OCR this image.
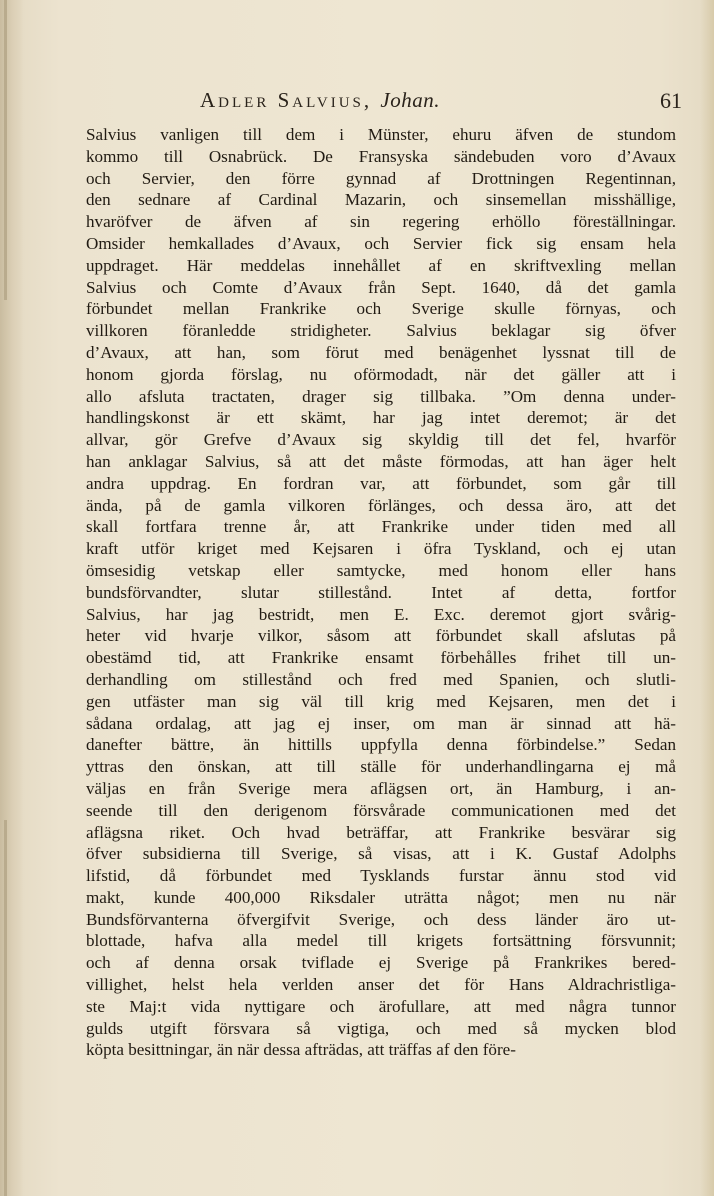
Adler Salvius, Johan.	61
Salvius vanligen till dem i Münster, ehuru äfven de stundom
kommo till Osnabrück. De Fransyska sändebuden voro d’Avaux
och Servier, den förre gynnad af Drottningen Regentinnan,
den sednare af Cardinal Mazarin, och sinsemellan misshällige,
hvaröfver de äfven af sin regering erhöllo föreställningar.
Omsider hemkallades d’Avaux, och Servier fick sig ensam hela
uppdraget. Här meddelas innehållet af en skriftvexling mellan
Salvius och Comte d’Avaux från Sept. 1640, då det gamla
förbundet mellan Frankrike och Sverige skulle förnyas, och
villkoren föranledde stridigheter. Salvius beklagar sig öfver
d’Avaux, att han, som förut med benägenhet lyssnat till de
honom gjorda förslag, nu oförmodadt, när det gäller att i
allo afsluta tractaten, drager sig tillbaka. ”Om denna under-
handlingskonst är ett skämt, har jag intet deremot; är det
allvar, gör Grefve d’Avaux sig skyldig till det fel, hvarför
han anklagar Salvius, så att det måste förmodas, att han äger helt
andra uppdrag. En fordran var, att förbundet, som går till
ända, på de gamla vilkoren förlänges, och dessa äro, att det
skall fortfara trenne år, att Frankrike under tiden med all
kraft utför kriget med Kejsaren i öfra Tyskland, och ej utan
ömsesidig vetskap eller samtycke, med honom eller hans
bundsförvandter, slutar stillestånd. Intet af detta, fortfor
Salvius, har jag bestridt, men E. Exc. deremot gjort svårig-
heter vid hvarje vilkor, såsom att förbundet skall afslutas på
obestämd tid, att Frankrike ensamt förbehålles frihet till un-
derhandling om stillestånd och fred med Spanien, och slutli-
gen utfäster man sig väl till krig med Kejsaren, men det i
sådana ordalag, att jag ej inser, om man är sinnad att hä-
danefter bättre, än hittills uppfylla denna förbindelse.” Sedan
yttras den önskan, att till ställe för underhandlingarna ej må
väljas en från Sverige mera aflägsen ort, än Hamburg, i an-
seende till den derigenom försvårade communicationen med det
aflägsna riket. Och hvad beträffar, att Frankrike besvärar sig
öfver subsidierna till Sverige, så visas, att i K. Gustaf Adolphs
lifstid, då förbundet med Tysklands furstar ännu stod vid
makt, kunde 400,000 Riksdaler uträtta något; men nu när
Bundsförvanterna öfvergifvit Sverige, och dess länder äro ut-
blottade, hafva alla medel till krigets fortsättning försvunnit;
och af denna orsak tviflade ej Sverige på Frankrikes bered-
villighet, helst hela verlden anser det för Hans Aldrachristliga-
ste Maj:t vida nyttigare och ärofullare, att med några tunnor
gulds utgift försvara så vigtiga, och med så mycken blod
köpta besittningar, än när dessa afträdas, att träffas af den före-
